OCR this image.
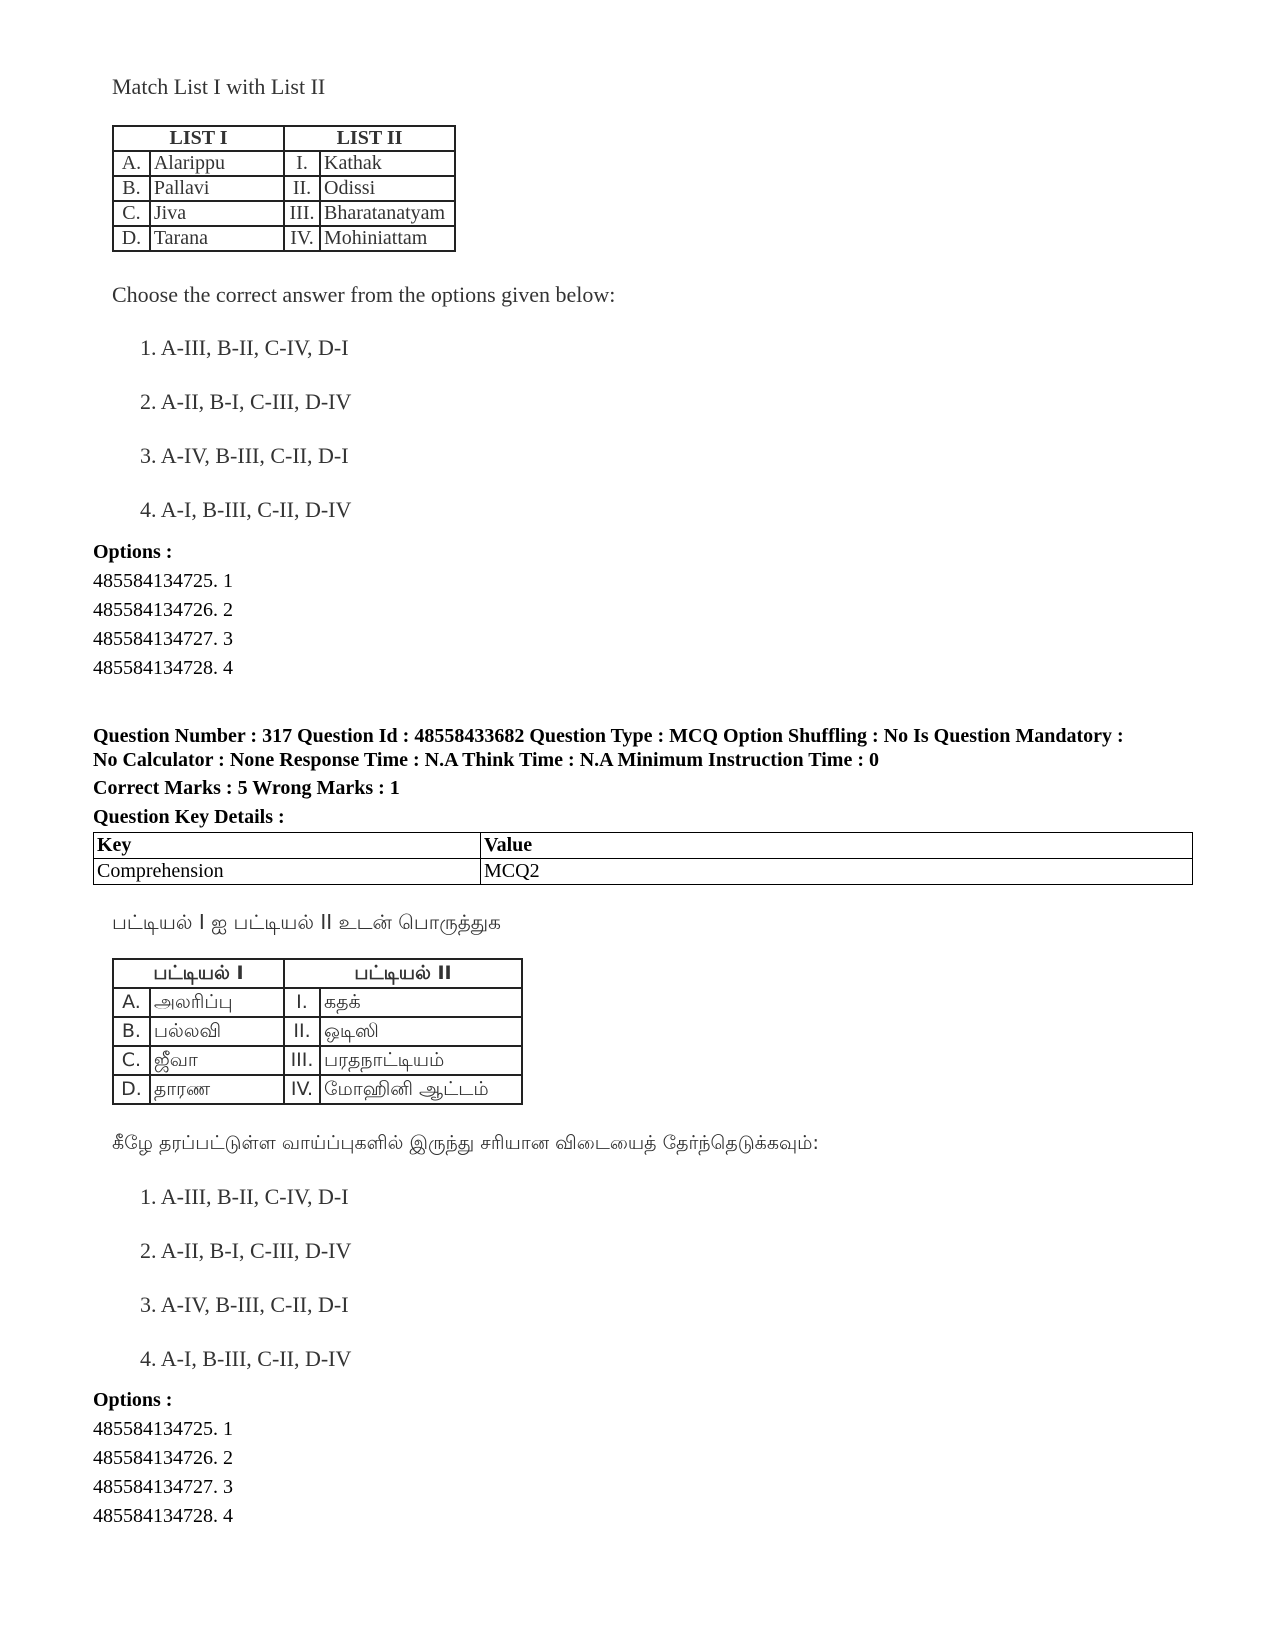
Match List I with List II
LIST I		LIST II	
A.	Alarippu	I.	Kathak
B.	Pallavi	II.	Odissi
C.	Jiva	III.	Bharatanatyam
D.	Tarana	IV.	Mohiniattam
Choose the correct answer from the options given below:
1. A-III, B-II, C-IV, D-I
2. A-II, B-I, C-III, D-IV
3. A-IV, B-III, C-II, D-I
4. A-I, B-III, C-II, D-IV
Options :
485584134725. 1
485584134726. 2
485584134727. 3
485584134728. 4
Question Number : 317 Question Id : 48558433682 Question Type : MCQ Option Shuffling : No Is Question Mandatory :
No Calculator : None Response Time : N.A Think Time : N.A Minimum Instruction Time : 0
Correct Marks : 5 Wrong Marks : 1
Question Key Details :
Key	Value
Comprehension	MCQ2
பட்டியல் I ஐ பட்டியல் II உடன் பொருத்துக
பட்டியல் I		பட்டியல் II	
A.	அலரிப்பு	I.	கதக்
B.	பல்லவி	II.	ஒடிஸி
C.	ஜீவா	III.	பரதநாட்டியம்
D.	தாரண	IV.	மோஹினி ஆட்டம்
கீழே தரப்பட்டுள்ள வாய்ப்புகளில் இருந்து சரியான விடையைத் தேர்ந்தெடுக்கவும்:
1. A-III, B-II, C-IV, D-I
2. A-II, B-I, C-III, D-IV
3. A-IV, B-III, C-II, D-I
4. A-I, B-III, C-II, D-IV
Options :
485584134725. 1
485584134726. 2
485584134727. 3
485584134728. 4
